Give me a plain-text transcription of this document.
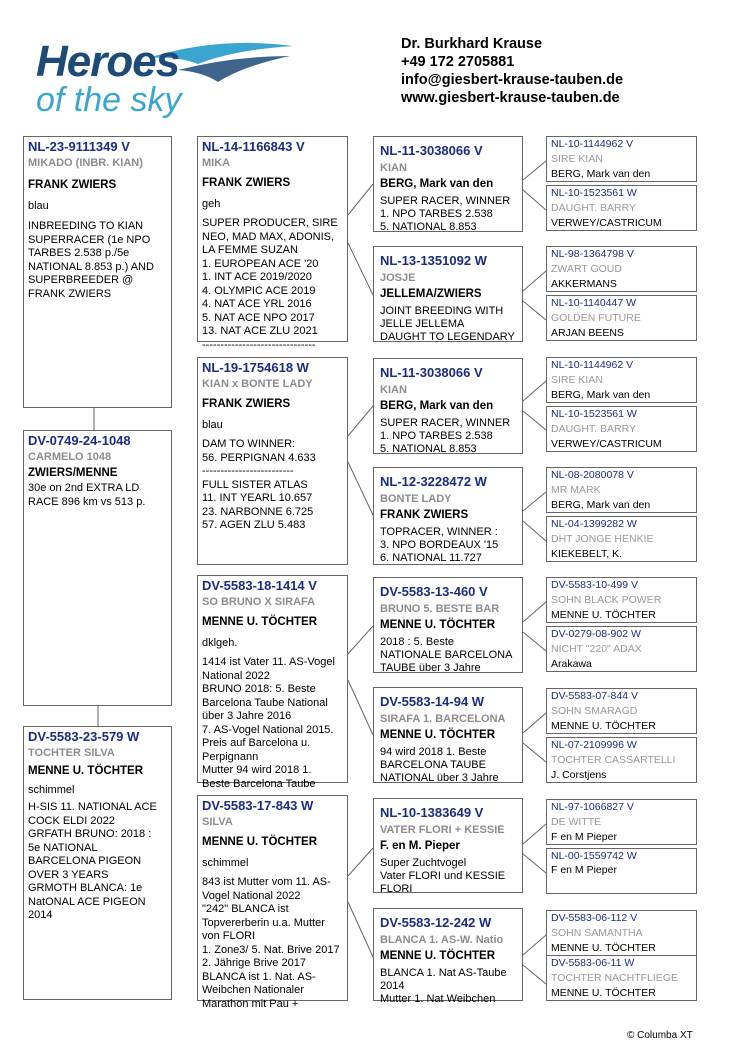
Heroes
of the sky
Dr. Burkhard Krause
+49 172 2705881
info@giesbert-krause-tauben.de
www.giesbert-krause-tauben.de
NL-23-9111349 V
MIKADO (INBR. KIAN)
FRANK ZWIERS
blau
INBREEDING TO KIAN
SUPERRACER (1e NPO
TARBES 2.538 p./5e
NATIONAL 8.853 p.) AND
SUPERBREEDER @
FRANK ZWIERS
DV-0749-24-1048
CARMELO 1048
ZWIERS/MENNE
30e on 2nd EXTRA LD
RACE 896 km vs 513 p.
DV-5583-23-579 W
TOCHTER SILVA
MENNE U. TÖCHTER
schimmel
H-SIS 11. NATIONAL ACE
COCK ELDI 2022
GRFATH BRUNO: 2018 :
5e NATIONAL
BARCELONA PIGEON
OVER 3 YEARS
GRMOTH BLANCA: 1e
NatONAL ACE PIGEON
2014
NL-14-1166843 V
MIKA
FRANK ZWIERS
geh
SUPER PRODUCER, SIRE
NEO, MAD MAX, ADONIS,
LA FEMME SUZAN
1. EUROPEAN ACE '20
1. INT ACE 2019/2020
4. OLYMPIC ACE 2019
4. NAT ACE YRL 2016
5. NAT ACE NPO 2017
13. NAT ACE ZLU 2021
-------------------------------
NL-19-1754618 W
KIAN x BONTE LADY
FRANK ZWIERS
blau
DAM TO WINNER:
56. PERPIGNAN 4.633
-------------------------
FULL SISTER ATLAS
11. INT YEARL 10.657
23. NARBONNE 6.725
57. AGEN ZLU 5.483
DV-5583-18-1414 V
SO BRUNO X SIRAFA
MENNE U. TÖCHTER
dklgeh.
1414 ist Vater 11. AS-Vogel
National 2022
BRUNO 2018: 5. Beste
Barcelona Taube National
über 3 Jahre 2016
7. AS-Vogel National 2015.
Preis auf Barcelona u.
Perpignann
Mutter 94 wird 2018 1.
Beste Barcelona Taube
DV-5583-17-843 W
SILVA
MENNE U. TÖCHTER
schimmel
843 ist Mutter vom 11. AS-
Vogel National 2022
"242" BLANCA ist
Topvererberin u.a. Mutter
von FLORI
1. Zone3/ 5. Nat. Brive 2017
2. Jährige Brive 2017
BLANCA ist 1. Nat. AS-
Weibchen Nationaler
Marathon mit Pau +
NL-11-3038066 V
KIAN
BERG, Mark van den
SUPER RACER, WINNER
1. NPO TARBES 2.538
5. NATIONAL 8.853
NL-13-1351092 W
JOSJE
JELLEMA/ZWIERS
JOINT BREEDING WITH
JELLE JELLEMA
DAUGHT TO LEGENDARY
NL-11-3038066 V
KIAN
BERG, Mark van den
SUPER RACER, WINNER
1. NPO TARBES 2.538
5. NATIONAL 8.853
NL-12-3228472 W
BONTE LADY
FRANK ZWIERS
TOPRACER, WINNER :
3. NPO BORDEAUX '15
6. NATIONAL 11.727
DV-5583-13-460 V
BRUNO 5. BESTE BAR
MENNE U. TÖCHTER
2018 : 5. Beste
NATIONALE BARCELONA
TAUBE über 3 Jahre
DV-5583-14-94 W
SIRAFA 1. BARCELONA
MENNE U. TÖCHTER
94 wird 2018 1. Beste
BARCELONA TAUBE
NATIONAL über 3 Jahre
NL-10-1383649 V
VATER FLORI + KESSIE
F. en M. Pieper
Super Zuchtvogel
Vater FLORI und KESSIE
FLORI
DV-5583-12-242 W
BLANCA 1. AS-W. Natio
MENNE U. TÖCHTER
BLANCA 1. Nat AS-Taube
2014
Mutter 1. Nat Weibchen
NL-10-1144962 V
SIRE KIAN
BERG, Mark van den
NL-10-1523561 W
DAUGHT. BARRY
VERWEY/CASTRICUM
NL-98-1364798 V
ZWART GOUD
AKKERMANS
NL-10-1140447 W
GOLDEN FUTURE
ARJAN BEENS
NL-10-1144962 V
SIRE KIAN
BERG, Mark van den
NL-10-1523561 W
DAUGHT. BARRY
VERWEY/CASTRICUM
NL-08-2080078 V
MR MARK
BERG, Mark van den
NL-04-1399282 W
DHT JONGE HENKIE
KIEKEBELT, K.
DV-5583-10-499 V
SOHN BLACK POWER
MENNE U. TÖCHTER
DV-0279-08-902 W
NICHT "220" ADAX
Arakawa
DV-5583-07-844 V
SOHN SMARAGD
MENNE U. TÖCHTER
NL-07-2109996 W
TOCHTER CASSARTELLI
J. Corstjens
NL-97-1066827 V
DE WITTE
F en M Pieper
NL-00-1559742 W
F en M Pieper
DV-5583-06-112 V
SOHN SAMANTHA
MENNE U. TÖCHTER
DV-5583-06-11 W
TOCHTER NACHTFLIEGE
MENNE U. TÖCHTER
© Columba XT
